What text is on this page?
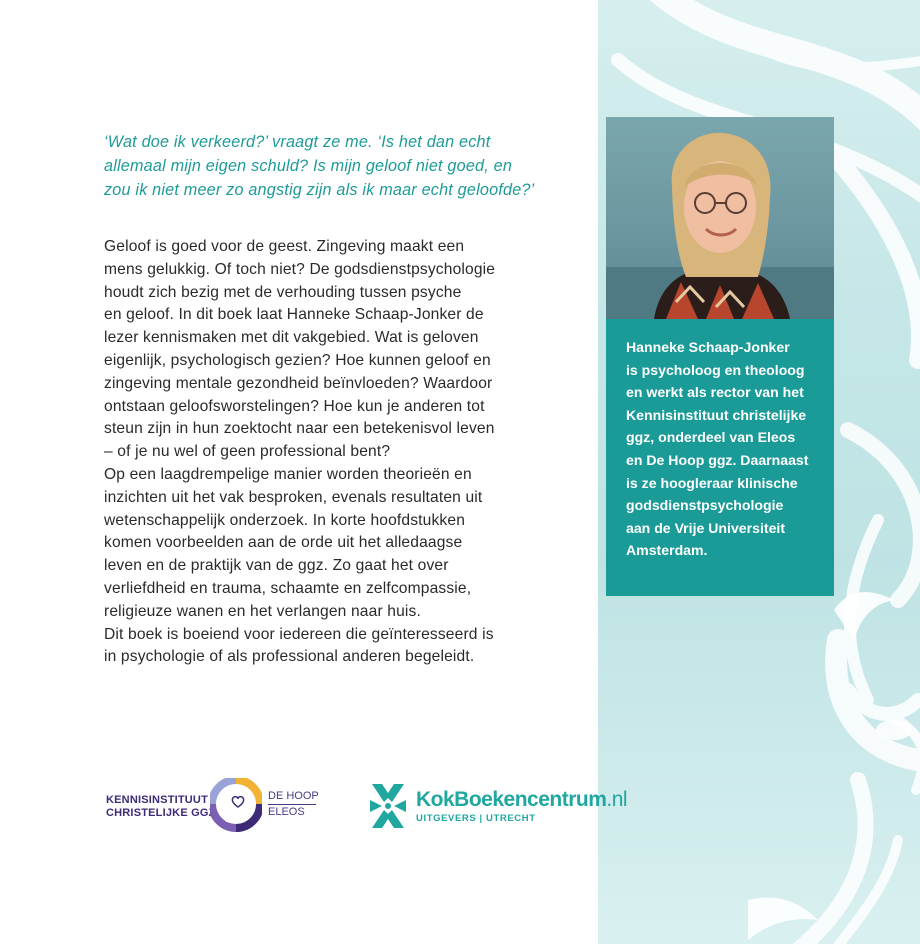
‘Wat doe ik verkeerd?’ vraagt ze me. ‘Is het dan echt
allemaal mijn eigen schuld? Is mijn geloof niet goed, en
zou ik niet meer zo angstig zijn als ik maar echt geloofde?’

Geloof is goed voor de geest. Zingeving maakt een
mens gelukkig. Of toch niet? De godsdienstpsychologie
houdt zich bezig met de verhouding tussen psyche
en geloof. In dit boek laat Hanneke Schaap-Jonker de
lezer kennismaken met dit vakgebied. Wat is geloven
eigenlijk, psychologisch gezien? Hoe kunnen geloof en
zingeving mentale gezondheid beïnvloeden? Waardoor
ontstaan geloofsworstelingen? Hoe kun je anderen tot
steun zijn in hun zoektocht naar een betekenisvol leven
– of je nu wel of geen professional bent?
Op een laagdrempelige manier worden theorieën en
inzichten uit het vak besproken, evenals resultaten uit
wetenschappelijk onderzoek. In korte hoofdstukken
komen voorbeelden aan de orde uit het alledaagse
leven en de praktijk van de ggz. Zo gaat het over
verliefdheid en trauma, schaamte en zelfcompassie,
religieuze wanen en het verlangen naar huis.
Dit boek is boeiend voor iedereen die geïnteresseerd is
in psychologie of als professional anderen begeleidt.
Hanneke Schaap-Jonker
is psycholoog en theoloog
en werkt als rector van het
Kennisinstituut christelijke
ggz, onderdeel van Eleos
en De Hoop ggz. Daarnaast
is ze hoogleraar klinische
godsdienstpsychologie
aan de Vrije Universiteit
Amsterdam.
KENNISINSTITUUT
CHRISTELIJKE GGZ
DE HOOP
ELEOS
KokBoekencentrum.nl
UITGEVERS | UTRECHT
